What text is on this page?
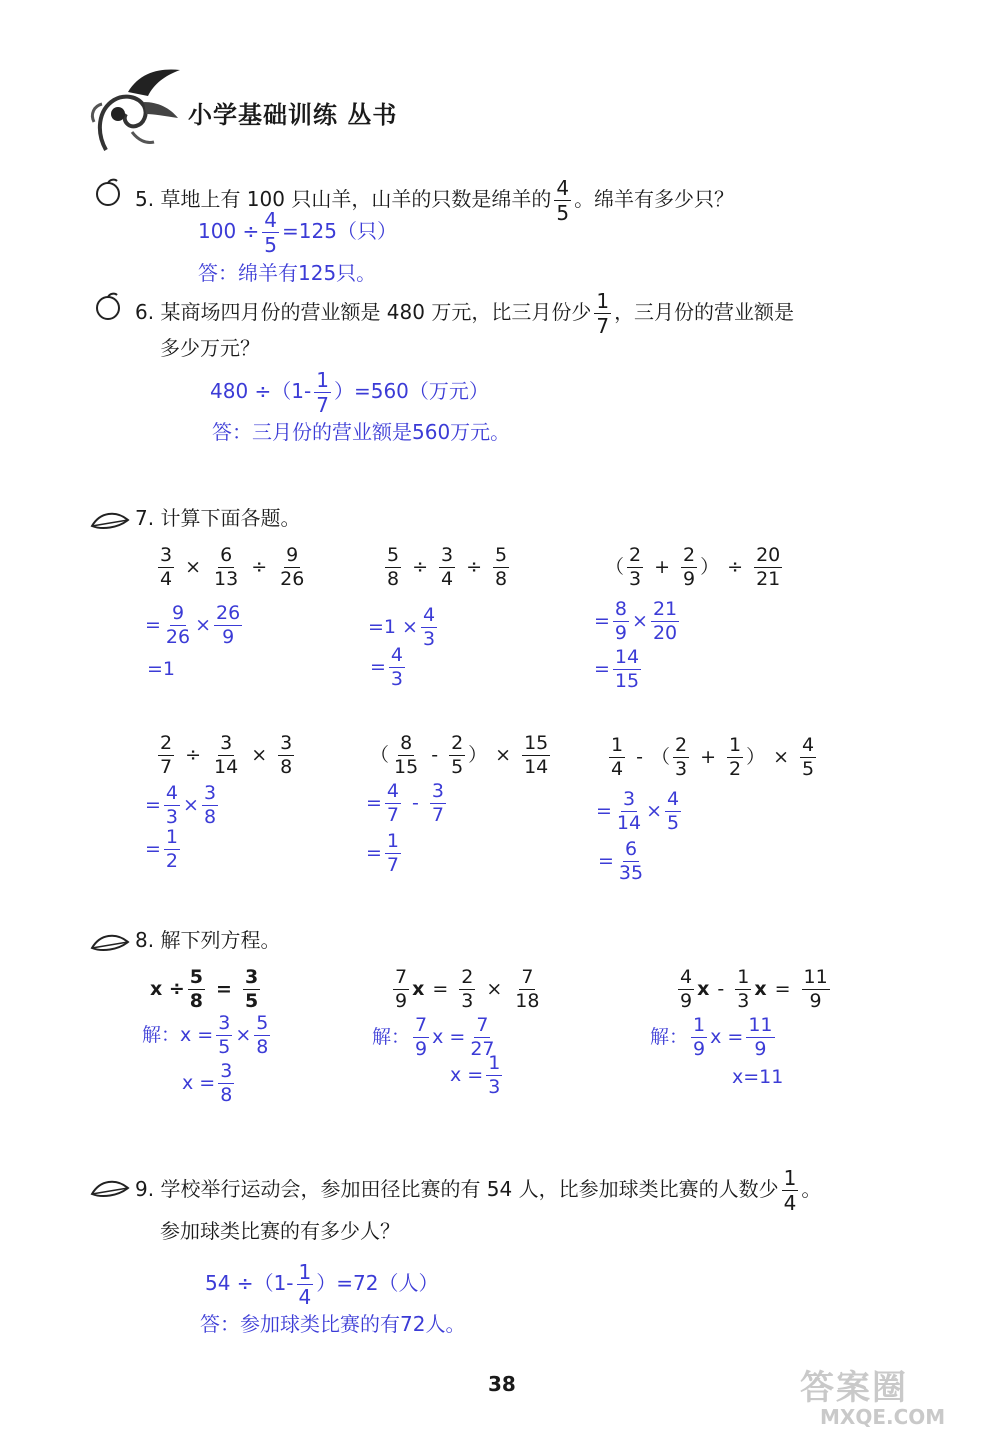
小学基础训练 丛书
5. 草地上有 100 只山羊，山羊的只数是绵羊的 $\frac{4}{5}$ 。绵羊有多少只？
$100 \div \frac{4}{5} =125$（只）
答：绵羊有125只。
6. 某商场四月份的营业额是 480 万元，比三月份少 $\frac{1}{7}$ ，三月份的营业额是
多少万元？
$480 \div(1- \frac{1}{7} )=560$（万元）
答：三月份的营业额是560万元。
7. 计算下面各题。
$\frac{3}{4} \times \frac{6}{13} \div \frac{9}{26}$
= $\frac{9}{26} \times \frac{26}{9}$
=1
$\frac{5}{8} \div \frac{3}{4} \div \frac{5}{8}$
$=1 \times \frac{4}{3}$
= $\frac{4}{3}$
（ $\frac{2}{3} + \frac{2}{9}$ ） ÷ $\frac{20}{21}$
= $\frac{8}{9} \times \frac{21}{20}$
= $\frac{14}{15}$
$\frac{2}{7} \div \frac{3}{14} \times \frac{3}{8}$
= $\frac{4}{3} \times \frac{3}{8}$
= $\frac{1}{2}$
（ $\frac{8}{15} - \frac{2}{5}$ ） × $\frac{15}{14}$
= $\frac{4}{7} - \frac{3}{7}$
= $\frac{1}{7}$
$\frac{1}{4}$ - （ $\frac{2}{3} + \frac{1}{2}$ ） × $\frac{4}{5}$
= $\frac{3}{14} \times \frac{4}{5}$
= $\frac{6}{35}$
8. 解下列方程。
$x \div \frac{5}{8} = \frac{3}{5}$
解：$x = \frac{3}{5} \times \frac{5}{8}$
$x = \frac{3}{8}$
$\frac{7}{9}$ $x = \frac{2}{3} \times \frac{7}{18}$
解： $\frac{7}{9}$ $x = \frac{7}{27}$
$x = \frac{1}{3}$
$\frac{4}{9}$ x - $\frac{1}{3}$ $x = \frac{11}{9}$
解： $\frac{1}{9}$ $x = \frac{11}{9}$
x=11
9. 学校举行运动会，参加田径比赛的有 54 人，比参加球类比赛的人数少 $\frac{1}{4}$ 。
参加球类比赛的有多少人？
$54 \div(1- \frac{1}{4} )=72$（人）
答：参加球类比赛的有72人。
38	答案圈
MXQE.COM
